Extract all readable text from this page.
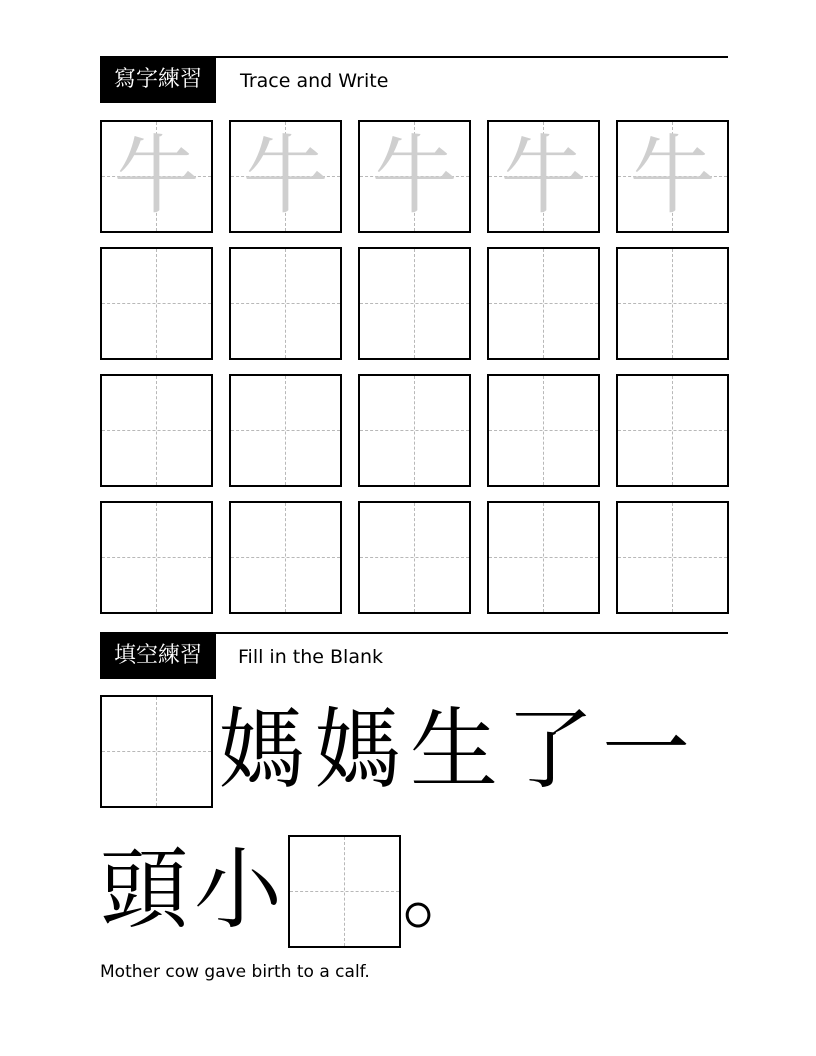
寫字練習	Trace and Write
牛 牛 牛 牛 牛
填空練習	Fill in the Blank
媽 媽 生 了 一
頭 小 。
Mother cow gave birth to a calf.
